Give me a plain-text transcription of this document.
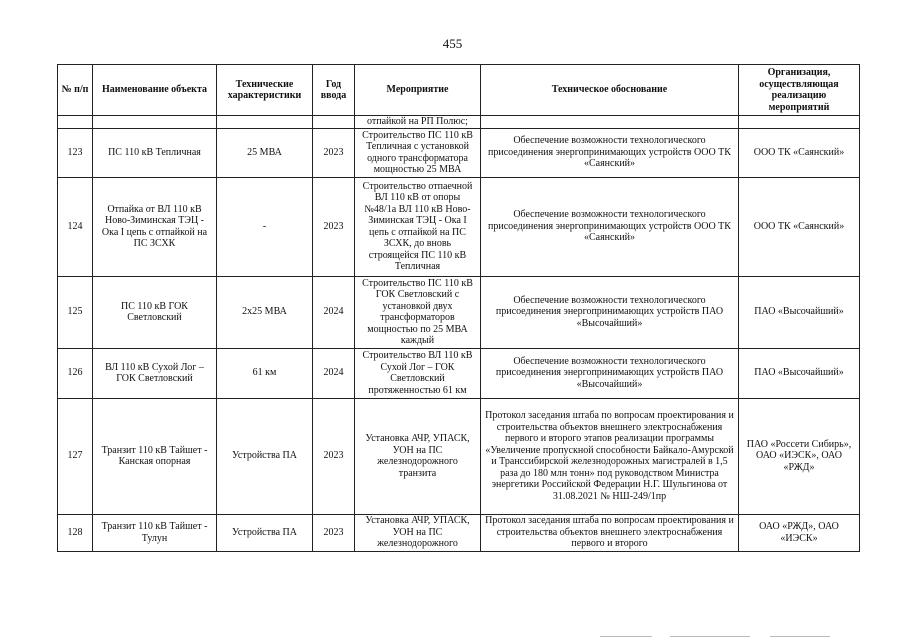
455
№ п/п	Наименование объекта	Технические характеристики	Год ввода	Мероприятие	Техническое обоснование	Организация, осуществляющая реализацию мероприятий
				отпайкой на РП Полюс;		
123	ПС 110 кВ Тепличная	25 МВА	2023	Строительство ПС 110 кВ Тепличная с установкой одного трансформатора мощностью 25 МВА	Обеспечение возможности технологического присоединения энергопринимающих устройств ООО ТК «Саянский»	ООО ТК «Саянский»
124	Отпайка от ВЛ 110 кВ Ново-Зиминская ТЭЦ - Ока I цепь с отпайкой на ПС ЗСХК	-	2023	Строительство отпаечной ВЛ 110 кВ от опоры №48/1а ВЛ 110 кВ Ново-Зиминская ТЭЦ - Ока I цепь с отпайкой на ПС ЗСХК, до вновь строящейся ПС 110 кВ Тепличная	Обеспечение возможности технологического присоединения энергопринимающих устройств ООО ТК «Саянский»	ООО ТК «Саянский»
125	ПС 110 кВ ГОК Светловский	2х25 МВА	2024	Строительство ПС 110 кВ ГОК Светловский с установкой двух трансформаторов мощностью по 25 МВА каждый	Обеспечение возможности технологического присоединения энергопринимающих устройств ПАО «Высочайший»	ПАО «Высочайший»
126	ВЛ 110 кВ Сухой Лог – ГОК Светловский	61 км	2024	Строительство ВЛ 110 кВ Сухой Лог – ГОК Светловский протяженностью 61 км	Обеспечение возможности технологического присоединения энергопринимающих устройств ПАО «Высочайший»	ПАО «Высочайший»
127	Транзит 110 кВ Тайшет - Канская опорная	Устройства ПА	2023	Установка АЧР, УПАСК, УОН на ПС железнодорожного транзита	Протокол заседания штаба по вопросам проектирования и строительства объектов внешнего электроснабжения первого и второго этапов реализации программы «Увеличение пропускной способности Байкало-Амурской и Транссибирской железнодорожных магистралей в 1,5 раза до 180 млн тонн» под руководством Министра энергетики Российской Федерации Н.Г. Шульгинова от 31.08.2021 № НШ-249/1пр	ПАО «Россети Сибирь», ОАО «ИЭСК», ОАО «РЖД»
128	Транзит 110 кВ Тайшет - Тулун	Устройства ПА	2023	Установка АЧР, УПАСК, УОН на ПС железнодорожного	Протокол заседания штаба по вопросам проектирования и строительства объектов внешнего электроснабжения первого и второго	ОАО «РЖД», ОАО «ИЭСК»
